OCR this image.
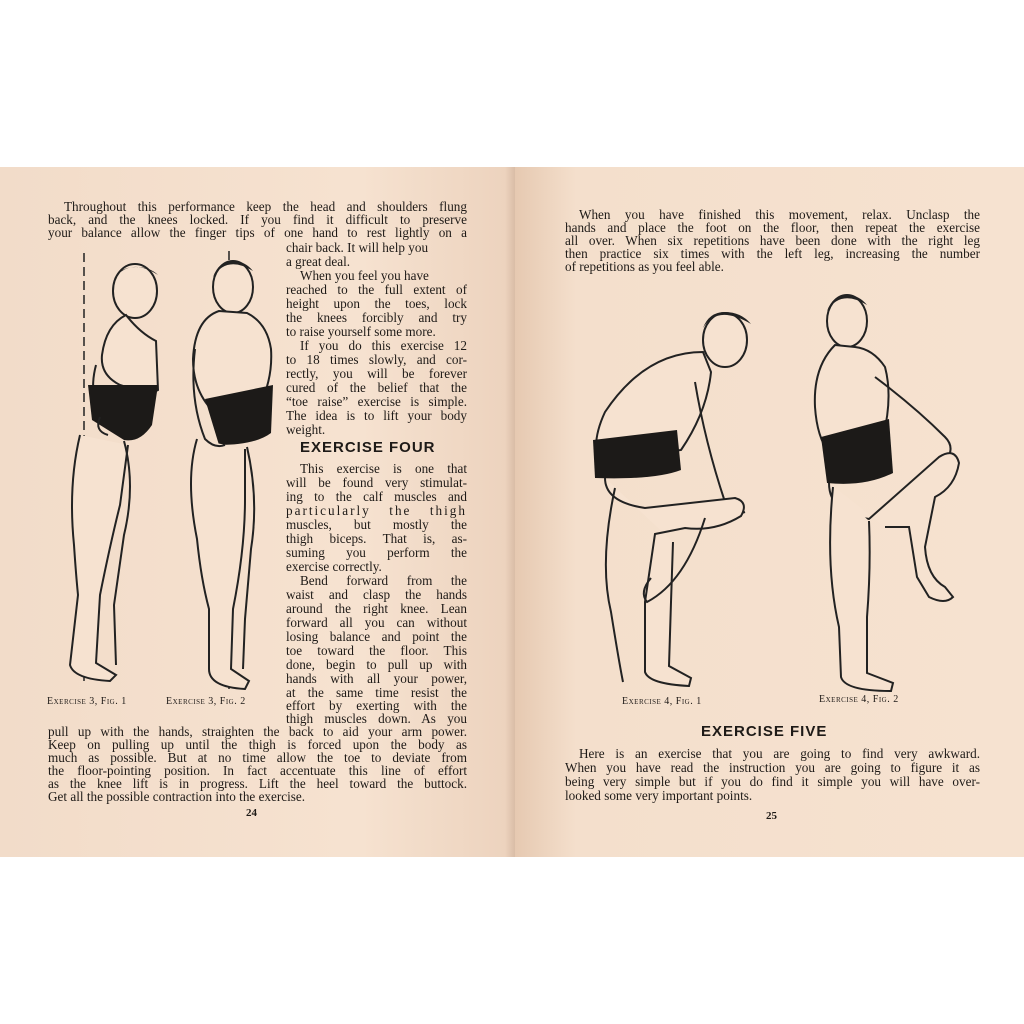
Throughout this performance keep the head and shoulders flung
back, and the knees locked. If you find it difficult to preserve
your balance allow the finger tips of one hand to rest lightly on a
chair back. It will help you
a great deal.
When you feel you have
reached to the full extent of
height upon the toes, lock
the knees forcibly and try
to raise yourself some more.
If you do this exercise 12
to 18 times slowly, and cor-
rectly, you will be forever
cured of the belief that the
“toe raise” exercise is simple.
The idea is to lift your body
weight.
EXERCISE FOUR
This exercise is one that
will be found very stimulat-
ing to the calf muscles and
particularly the thigh
muscles, but mostly the
thigh biceps. That is, as-
suming you perform the
exercise correctly.
Bend forward from the
waist and clasp the hands
around the right knee. Lean
forward all you can without
losing balance and point the
toe toward the floor. This
done, begin to pull up with
hands with all your power,
at the same time resist the
effort by exerting with the
thigh muscles down. As you
pull up with the hands, straighten the back to aid your arm power.
Keep on pulling up until the thigh is forced upon the body as
much as possible. But at no time allow the toe to deviate from
the floor-pointing position. In fact accentuate this line of effort
as the knee lift is in progress. Lift the heel toward the buttock.
Get all the possible contraction into the exercise.
Exercise 3, Fig. 1	Exercise 3, Fig. 2
24
When you have finished this movement, relax. Unclasp the
hands and place the foot on the floor, then repeat the exercise
all over. When six repetitions have been done with the right leg
then practice six times with the left leg, increasing the number
of repetitions as you feel able.
Exercise 4, Fig. 1	Exercise 4, Fig. 2
EXERCISE FIVE
Here is an exercise that you are going to find very awkward.
When you have read the instruction you are going to figure it as
being very simple but if you do find it simple you will have over-
looked some very important points.
25
